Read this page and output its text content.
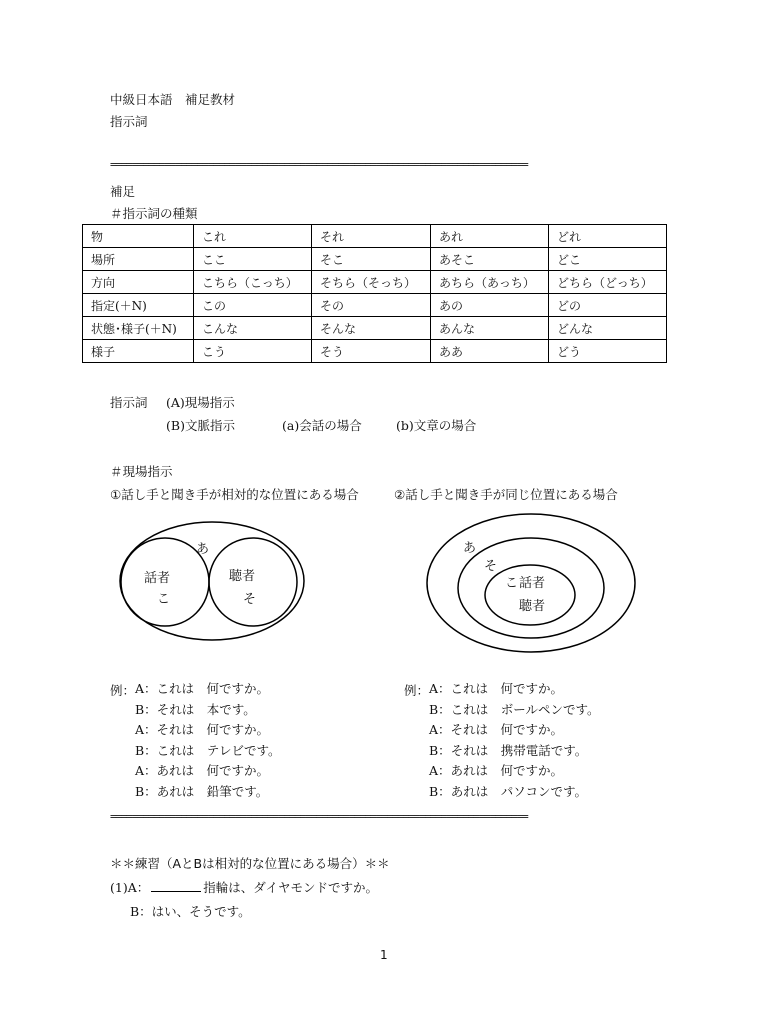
中級日本語　補足教材
指示詞
=============================================================================
補足
＃指示詞の種類
物	これ	それ	あれ	どれ
場所	ここ	そこ	あそこ	どこ
方向	こちら（こっち）	そちら（そっち）	あちら（あっち）	どちら（どっち）
指定(＋N)	この	その	あの	どの
状態･様子(＋N)	こんな	そんな	あんな	どんな
様子	こう	そう	ああ	どう
指示詞 (A)現場指示
(B)文脈指示	(a)会話の場合	(b)文章の場合
＃現場指示
①話し手と聞き手が相対的な位置にある場合	②話し手と聞き手が同じ位置にある場合
あ
話者
こ
聴者
そ
あ
そ
こ 話者
聴者
例： A：これは　何ですか。
B：それは　本です。
A：それは　何ですか。
B：これは　テレビです。
A：あれは　何ですか。
B：あれは　鉛筆です。
例： A：これは　何ですか。
B：これは　ボールペンです。
A：それは　何ですか。
B：それは　携帯電話です。
A：あれは　何ですか。
B：あれは　パソコンです。
=============================================================================
＊＊練習（AとBは相対的な位置にある場合）＊＊
(1)A：	指輪は、ダイヤモンドですか。
B：はい、そうです。
1
